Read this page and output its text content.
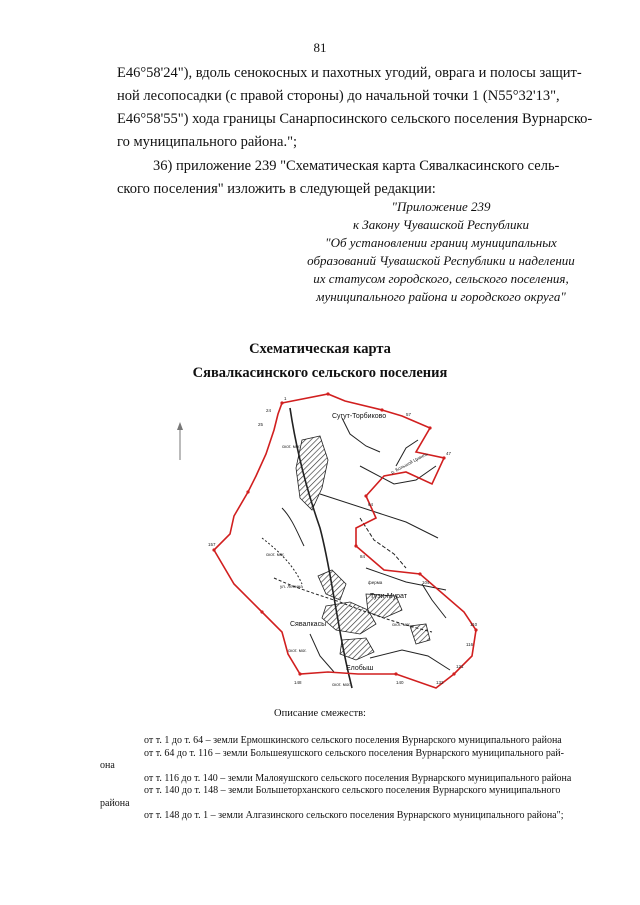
81

E46°58'24"), вдоль сенокосных и пахотных угодий, оврага и полосы защит-

ной лесопосадки (с правой стороны) до начальной точки 1 (N55°32'13",

E46°58'55") хода границы Санарпосинского сельского поселения Вурнарско-

го муниципального района.";

36) приложение 239 "Схематическая карта Сявалкасинского сель-

ского поселения" изложить в следующей редакции:

"Приложение 239
к Закону Чувашской Республики
"Об установлении границ муниципальных
образований Чувашской Республики и наделении
их статусом городского, сельского поселения,
муниципального района и городского округа"
Схематическая карта
Сявалкасинского сельского поселения
Сугут-Торбиково
Тузи-Мурат
Сявалкасы
Елобыш
скот. мог.
скот. мог.
скот. мог.
скот. мог.
скот. мог.
ул. Ленина
р. Большой Цивиль
ферма
1
24
25
47
57
64
84
104
110
116
121
132
140
148
157
Описание смежеств:
от т. 1 до т. 64 – земли Ермошкинского сельского поселения Вурнарского муниципального района
от т. 64 до т. 116 – земли Большеяушского сельского поселения Вурнарского муниципального рай-
она
от т. 116 до т. 140 – земли Малояушского сельского поселения Вурнарского муниципального района
от т. 140 до т. 148 – земли Большеторханского сельского поселения Вурнарского муниципального
района
от т. 148 до т. 1 – земли Алгазинского сельского поселения Вурнарского муниципального района";
